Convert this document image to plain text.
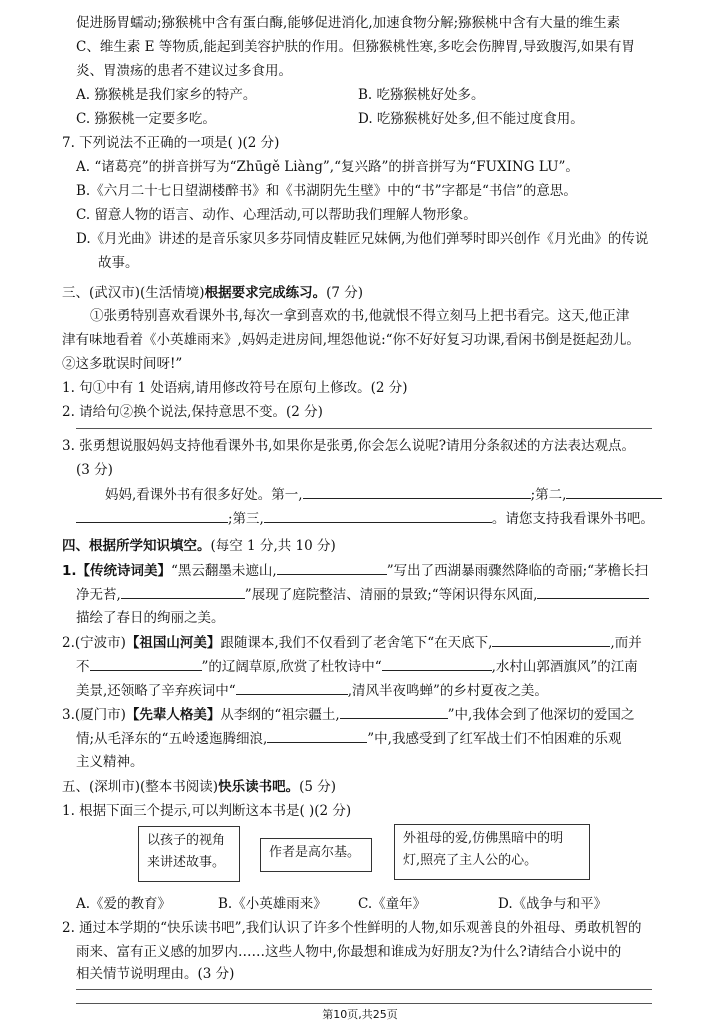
促进肠胃蠕动;猕猴桃中含有蛋白酶,能够促进消化,加速食物分解;猕猴桃中含有大量的维生素
C、维生素 E 等物质,能起到美容护肤的作用。但猕猴桃性寒,多吃会伤脾胃,导致腹泻,如果有胃
炎、胃溃疡的患者不建议过多食用。
A. 猕猴桃是我们家乡的特产。	B. 吃猕猴桃好处多。
C. 猕猴桃一定要多吃。	D. 吃猕猴桃好处多,但不能过度食用。
7. 下列说法不正确的一项是( )(2 分)
A. “诸葛亮”的拼音拼写为“Zhūgě Liàng”,“复兴路”的拼音拼写为“FUXING LU”。
B.《六月二十七日望湖楼醉书》和《书湖阴先生壁》中的“书”字都是“书信”的意思。
C. 留意人物的语言、动作、心理活动,可以帮助我们理解人物形象。
D.《月光曲》讲述的是音乐家贝多芬同情皮鞋匠兄妹俩,为他们弹琴时即兴创作《月光曲》的传说
故事。
三、(武汉市)(生活情境)根据要求完成练习。(7 分)
①张勇特别喜欢看课外书,每次一拿到喜欢的书,他就恨不得立刻马上把书看完。这天,他正津
津有味地看着《小英雄雨来》,妈妈走进房间,埋怨他说:“你不好好复习功课,看闲书倒是挺起劲儿。
②这多耽误时间呀!”
1. 句①中有 1 处语病,请用修改符号在原句上修改。(2 分)
2. 请给句②换个说法,保持意思不变。(2 分)
3. 张勇想说服妈妈支持他看课外书,如果你是张勇,你会怎么说呢?请用分条叙述的方法表达观点。
(3 分)
妈妈,看课外书有很多好处。第一,	;第二,
;第三,	。请您支持我看课外书吧。
四、根据所学知识填空。(每空 1 分,共 10 分)
1.【传统诗词美】“黑云翻墨未遮山,	”写出了西湖暴雨骤然降临的奇丽;“茅檐长扫
净无苔,	”展现了庭院整洁、清丽的景致;“等闲识得东风面,
描绘了春日的绚丽之美。
2.(宁波市)【祖国山河美】跟随课本,我们不仅看到了老舍笔下“在天底下,	,而并
不	”的辽阔草原,欣赏了杜牧诗中“	,水村山郭酒旗风”的江南
美景,还领略了辛弃疾词中“	,清风半夜鸣蝉”的乡村夏夜之美。
3.(厦门市)【先辈人格美】从李纲的“祖宗疆土,	”中,我体会到了他深切的爱国之
情;从毛泽东的“五岭逶迤腾细浪,	”中,我感受到了红军战士们不怕困难的乐观
主义精神。
五、(深圳市)(整本书阅读)快乐读书吧。(5 分)
1. 根据下面三个提示,可以判断这本书是( )(2 分)
以孩子的视角
来讲述故事。
作者是高尔基。
外祖母的爱,仿佛黑暗中的明
灯,照亮了主人公的心。
A.《爱的教育》	B.《小英雄雨来》 C.《童年》	D.《战争与和平》
2. 通过本学期的“快乐读书吧”,我们认识了许多个性鲜明的人物,如乐观善良的外祖母、勇敢机智的
雨来、富有正义感的加罗内……这些人物中,你最想和谁成为好朋友?为什么?请结合小说中的
相关情节说明理由。(3 分)
第10页,共25页
